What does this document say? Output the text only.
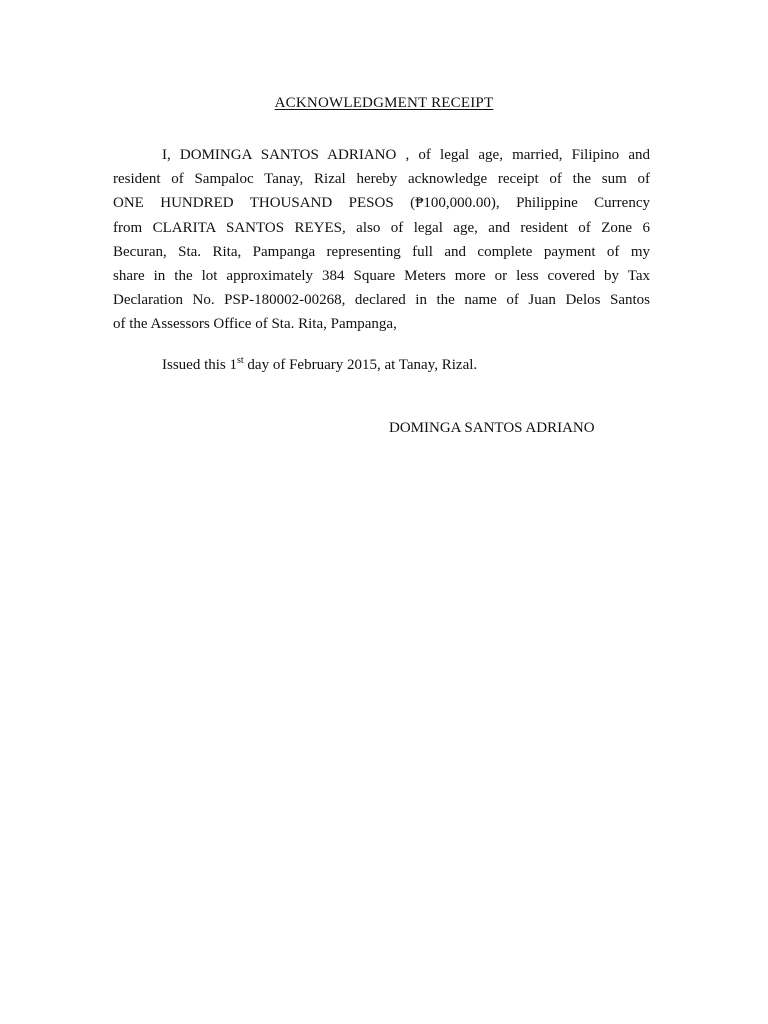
ACKNOWLEDGMENT RECEIPT
I, DOMINGA SANTOS ADRIANO , of legal age, married, Filipino and
resident of Sampaloc Tanay, Rizal hereby acknowledge receipt of the sum of
ONE HUNDRED THOUSAND PESOS (₱100,000.00), Philippine Currency
from CLARITA SANTOS REYES, also of legal age, and resident of Zone 6
Becuran, Sta. Rita, Pampanga representing full and complete payment of my
share in the lot approximately 384 Square Meters more or less covered by Tax
Declaration No. PSP-180002-00268, declared in the name of Juan Delos Santos
of the Assessors Office of Sta. Rita, Pampanga,
Issued this 1st day of February 2015, at Tanay, Rizal.
DOMINGA SANTOS ADRIANO
